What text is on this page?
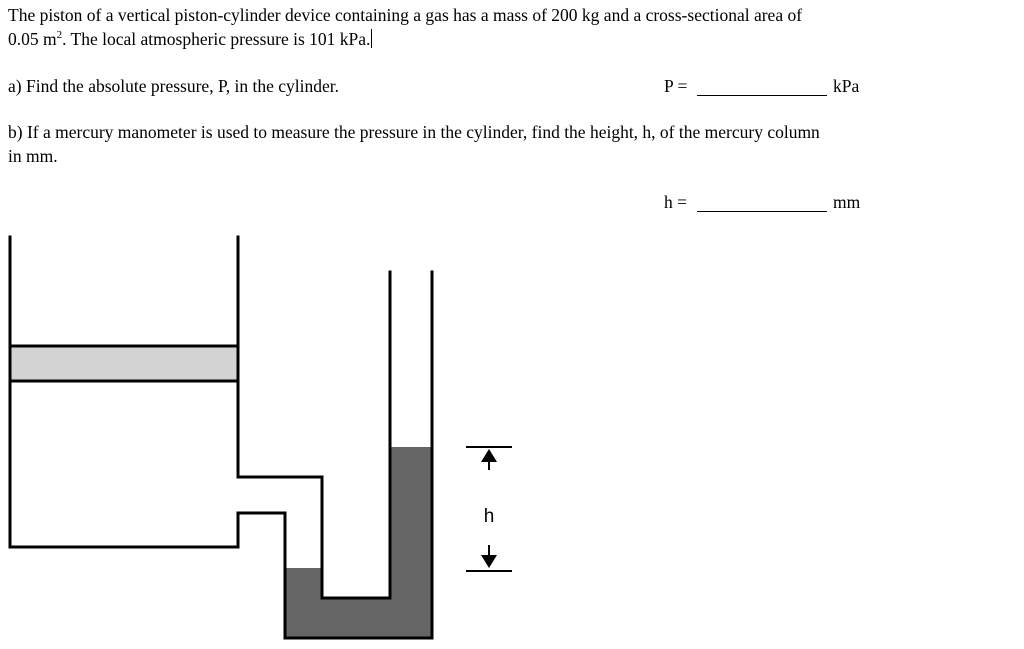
The piston of a vertical piston-cylinder device containing a gas has a mass of 200 kg and a cross-sectional area of
0.05 $m^2$. The local atmospheric pressure is 101 kPa.
a) Find the absolute pressure, P, in the cylinder.	P =	kPa
b) If a mercury manometer is used to measure the pressure in the cylinder, find the height, h, of the mercury column
in mm.
h =	mm
h
